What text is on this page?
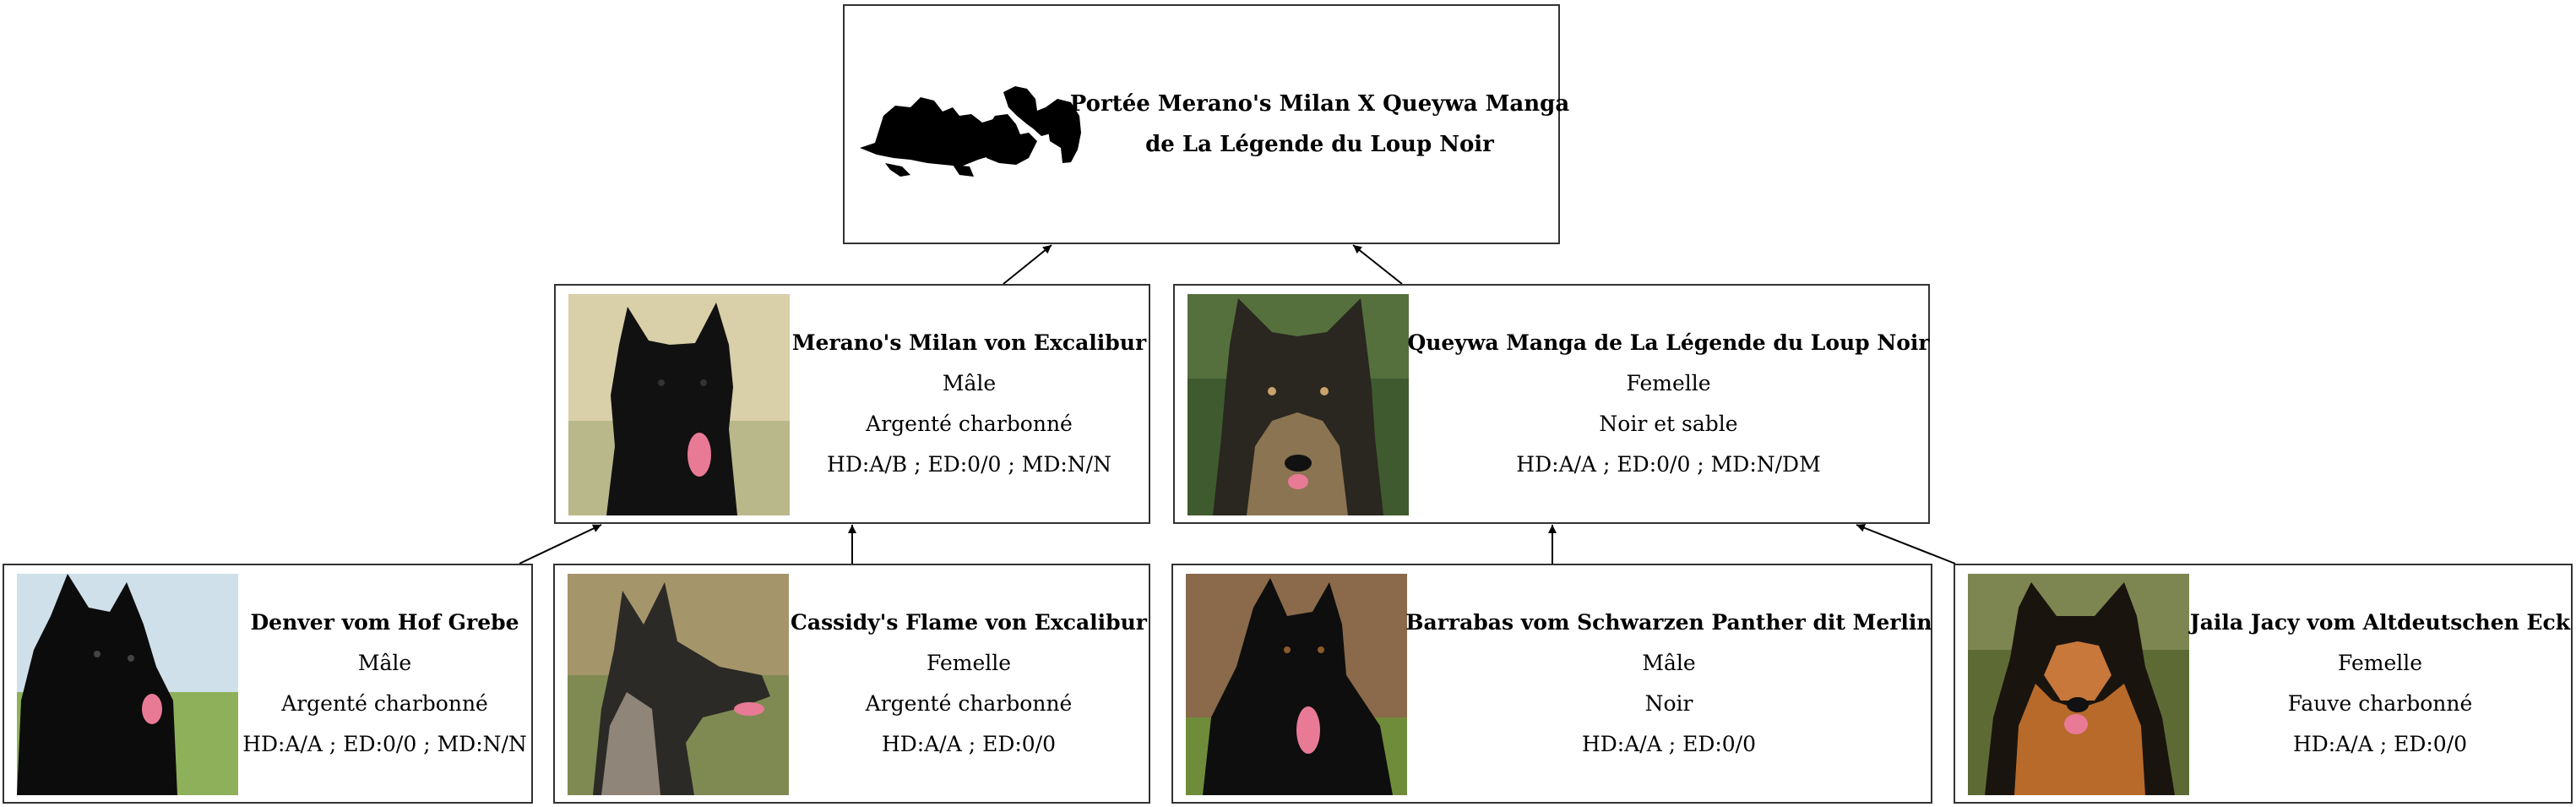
Portée Merano's Milan X Queywa Manga
de La Légende du Loup Noir
Merano's Milan von Excalibur
Mâle
Argenté charbonné
HD:A/B ; ED:0/0 ; MD:N/N
Queywa Manga de La Légende du Loup Noir
Femelle
Noir et sable
HD:A/A ; ED:0/0 ; MD:N/DM
Denver vom Hof Grebe
Mâle
Argenté charbonné
HD:A/A ; ED:0/0 ; MD:N/N
Cassidy's Flame von Excalibur
Femelle
Argenté charbonné
HD:A/A ; ED:0/0
Barrabas vom Schwarzen Panther dit Merlin
Mâle
Noir
HD:A/A ; ED:0/0
Jaila Jacy vom Altdeutschen Eck
Femelle
Fauve charbonné
HD:A/A ; ED:0/0
